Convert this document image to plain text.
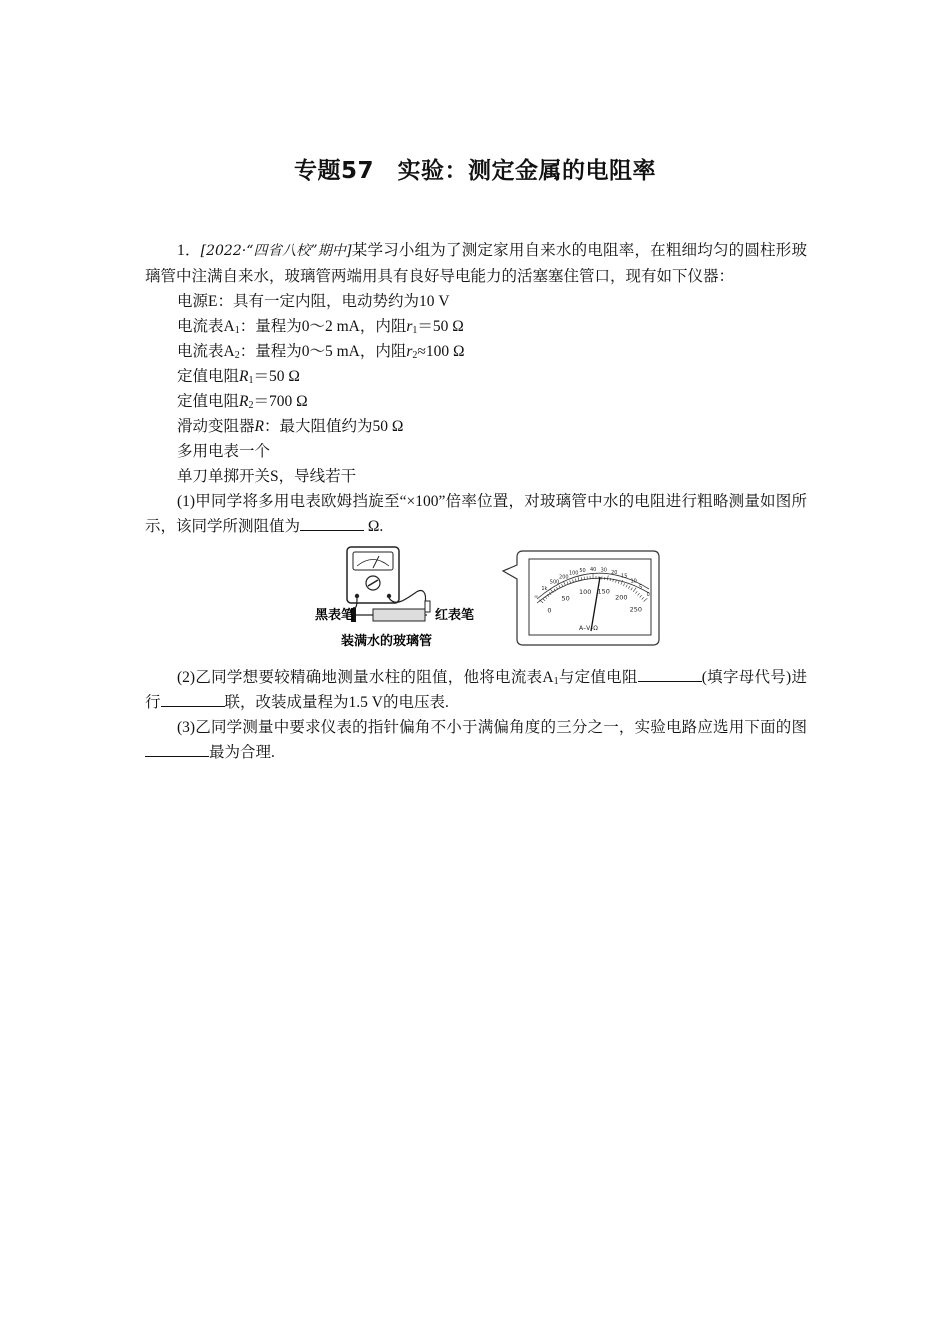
专题57　实验：测定金属的电阻率

1．[2022·“四省八校”期中]某学习小组为了测定家用自来水的电阻率，在粗细均匀的圆柱形玻璃管中注满自来水，玻璃管两端用具有良好导电能力的活塞塞住管口，现有如下仪器：

电源E：具有一定内阻，电动势约为10 V

电流表$A_1$：量程为0～2 mA，内阻$r_1=50$ Ω

电流表$A_2$：量程为0～5 mA，内阻$r_2\approx 100$ Ω

定值电阻$R_1=50$ Ω

定值电阻$R_2=700$ Ω

滑动变阻器R：最大阻值约为50 Ω

多用电表一个

单刀单掷开关S，导线若干

(1)甲同学将多用电表欧姆挡旋至“×100”倍率位置，对玻璃管中水的电阻进行粗略测量如图所示，该同学所测阻值为	Ω.

黑表笔	红表笔
装满水的玻璃管
∞
1k
500
200
100 50 40 30 20
15
10
5
0
0
50
100 150
200
250
A–V–Ω

(2)乙同学想要较精确地测量水柱的阻值，他将电流表$A_1$与定值电阻	(填字母代号)进行	联，改装成量程为1.5 V的电压表.

(3)乙同学测量中要求仪表的指针偏角不小于满偏角度的三分之一，实验电路应选用下面的图最为合理.
